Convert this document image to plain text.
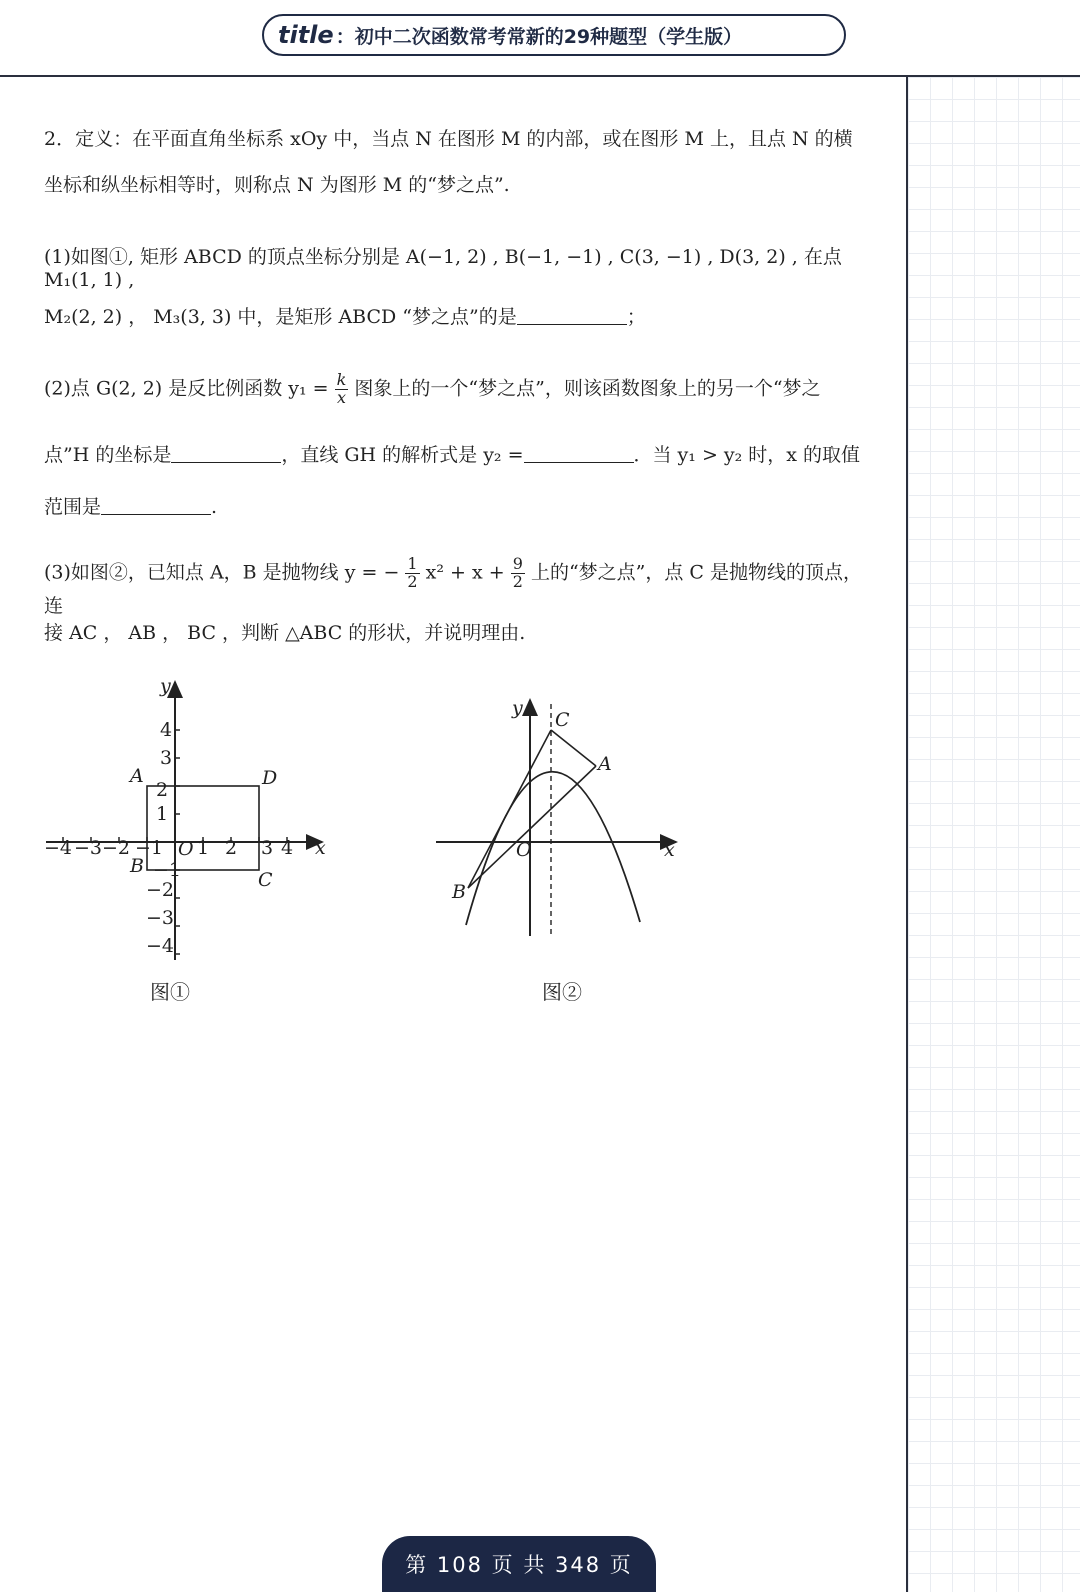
title ：初中二次函数常考常新的29种题型（学生版）
2．定义：在平面直角坐标系 xOy 中，当点 N 在图形 M 的内部，或在图形 M 上，且点 N 的横
坐标和纵坐标相等时，则称点 N 为图形 M 的“梦之点”.
(1)如图①, 矩形 ABCD 的顶点坐标分别是 A(−1, 2) , B(−1, −1) , C(3, −1) , D(3, 2) , 在点 M₁(1, 1) ,
M₂(2, 2) ， M₃(3, 3) 中，是矩形 ABCD “梦之点”的是	；
(2)点 G(2, 2) 是反比例函数 $y_1 = \frac{k}{x}$ 图象上的一个“梦之点”，则该函数图象上的另一个“梦之
点”H 的坐标是	，直线 GH 的解析式是 y₂ =	．当 y₁ > y₂ 时，x 的取值
范围是	.
(3)如图②，已知点 A，B 是抛物线 y = − $\frac{1}{2} x^2 + x + \frac{9}{2}$ 上的“梦之点”，点 C 是抛物线的顶点，连
接 AC ， AB ， BC ，判断 △ABC 的形状，并说明理由.
−4 −3 −2 −1 1 2 3 4
1
2
3
4
−1
−2
−3
−4
O	x
y
A
B
C
D
图①
O	x
y
C
A
B
图②
第 108 页 共 348 页
